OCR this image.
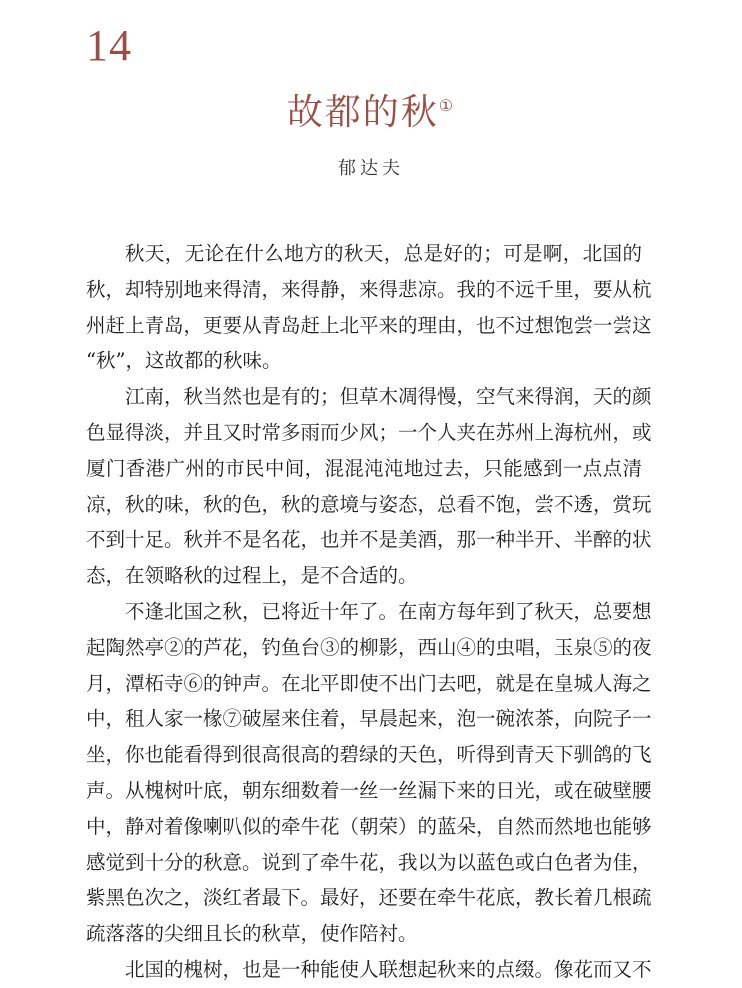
14
故都的秋①
郁达夫
秋天，无论在什么地方的秋天，总是好的；可是啊，北国的
秋，却特别地来得清，来得静，来得悲凉。我的不远千里，要从杭
州赶上青岛，更要从青岛赶上北平来的理由，也不过想饱尝一尝这
“秋”，这故都的秋味。
江南，秋当然也是有的；但草木凋得慢，空气来得润，天的颜
色显得淡，并且又时常多雨而少风；一个人夹在苏州上海杭州，或
厦门香港广州的市民中间，混混沌沌地过去，只能感到一点点清
凉，秋的味，秋的色，秋的意境与姿态，总看不饱，尝不透，赏玩
不到十足。秋并不是名花，也并不是美酒，那一种半开、半醉的状
态，在领略秋的过程上，是不合适的。
不逢北国之秋，已将近十年了。在南方每年到了秋天，总要想
起陶然亭②的芦花，钓鱼台③的柳影，西山④的虫唱，玉泉⑤的夜
月，潭柘寺⑥的钟声。在北平即使不出门去吧，就是在皇城人海之
中，租人家一椽⑦破屋来住着，早晨起来，泡一碗浓茶，向院子一
坐，你也能看得到很高很高的碧绿的天色，听得到青天下驯鸽的飞
声。从槐树叶底，朝东细数着一丝一丝漏下来的日光，或在破壁腰
中，静对着像喇叭似的牵牛花（朝荣）的蓝朵，自然而然地也能够
感觉到十分的秋意。说到了牵牛花，我以为以蓝色或白色者为佳，
紫黑色次之，淡红者最下。最好，还要在牵牛花底，教长着几根疏
疏落落的尖细且长的秋草，使作陪衬。
北国的槐树，也是一种能使人联想起秋来的点缀。像花而又不
